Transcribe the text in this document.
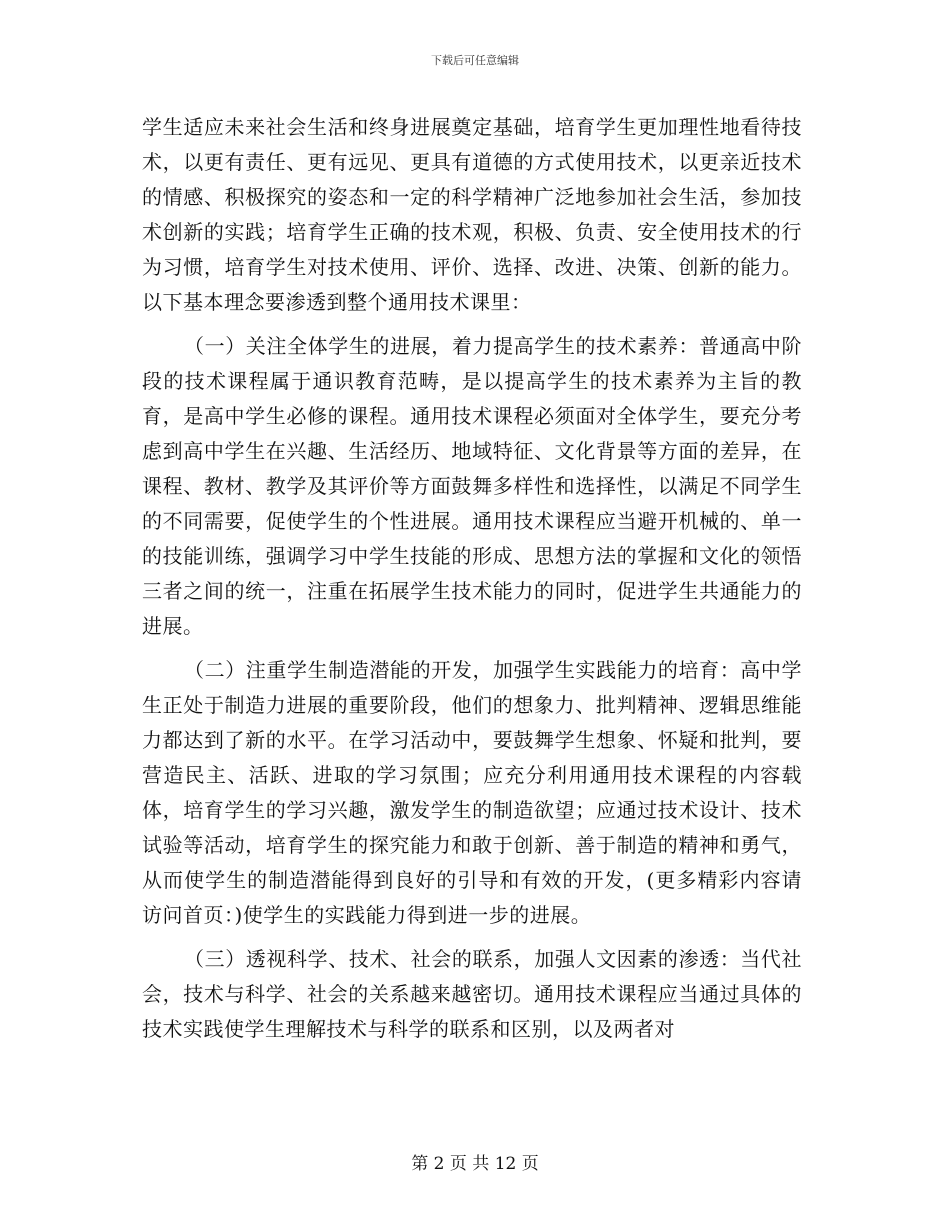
下载后可任意编辑

学生适应未来社会生活和终身进展奠定基础，培育学生更加理性地看待技术，以更有责任、更有远见、更具有道德的方式使用技术，以更亲近技术的情感、积极探究的姿态和一定的科学精神广泛地参加社会生活，参加技术创新的实践；培育学生正确的技术观，积极、负责、安全使用技术的行为习惯，培育学生对技术使用、评价、选择、改进、决策、创新的能力。以下基本理念要渗透到整个通用技术课里：

（一）关注全体学生的进展，着力提高学生的技术素养：普通高中阶段的技术课程属于通识教育范畴，是以提高学生的技术素养为主旨的教育，是高中学生必修的课程。通用技术课程必须面对全体学生，要充分考虑到高中学生在兴趣、生活经历、地域特征、文化背景等方面的差异，在课程、教材、教学及其评价等方面鼓舞多样性和选择性，以满足不同学生的不同需要，促使学生的个性进展。通用技术课程应当避开机械的、单一的技能训练，强调学习中学生技能的形成、思想方法的掌握和文化的领悟三者之间的统一，注重在拓展学生技术能力的同时，促进学生共通能力的进展。

（二）注重学生制造潜能的开发，加强学生实践能力的培育：高中学生正处于制造力进展的重要阶段，他们的想象力、批判精神、逻辑思维能力都达到了新的水平。在学习活动中，要鼓舞学生想象、怀疑和批判，要营造民主、活跃、进取的学习氛围；应充分利用通用技术课程的内容载体，培育学生的学习兴趣，激发学生的制造欲望；应通过技术设计、技术试验等活动，培育学生的探究能力和敢于创新、善于制造的精神和勇气，从而使学生的制造潜能得到良好的引导和有效的开发，(更多精彩内容请访问首页：)使学生的实践能力得到进一步的进展。

（三）透视科学、技术、社会的联系，加强人文因素的渗透：当代社会，技术与科学、社会的关系越来越密切。通用技术课程应当通过具体的技术实践使学生理解技术与科学的联系和区别，以及两者对

第 2 页 共 12 页
